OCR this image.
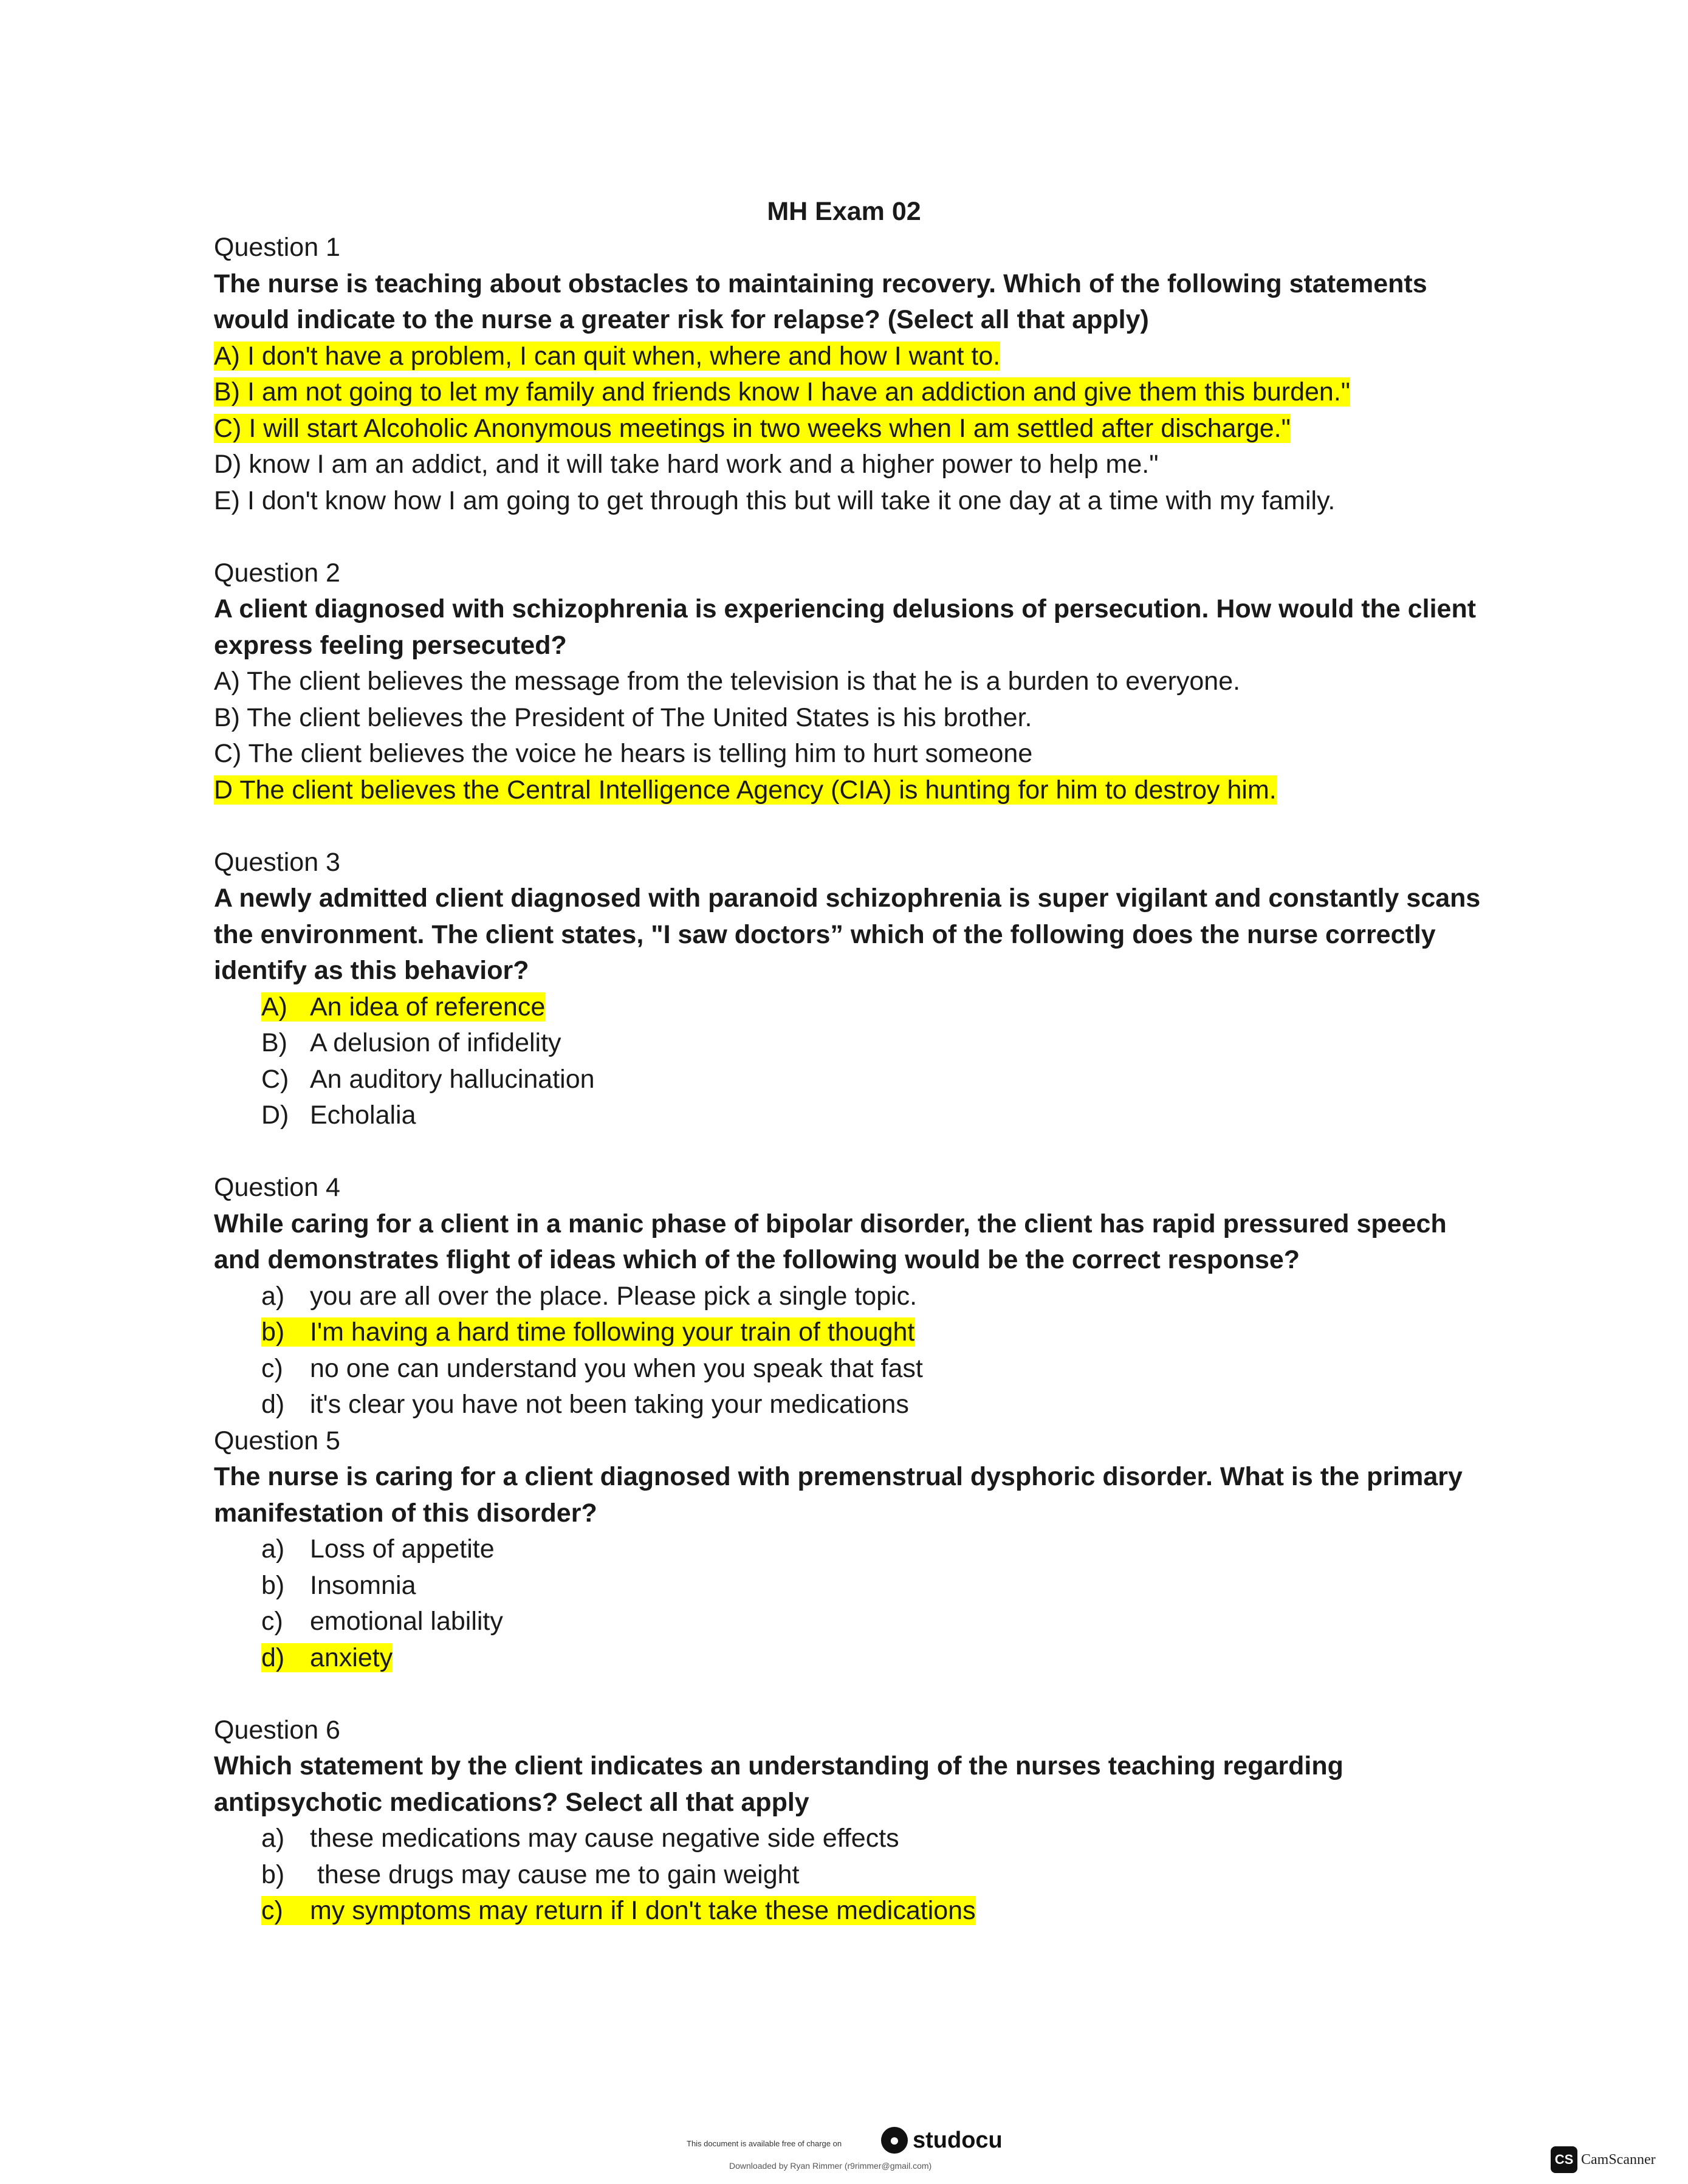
MH Exam 02
Question 1
The nurse is teaching about obstacles to maintaining recovery. Which of the following statements would indicate to the nurse a greater risk for relapse? (Select all that apply)
A) I don't have a problem, I can quit when, where and how I want to.
B) I am not going to let my family and friends know I have an addiction and give them this burden."
C) I will start Alcoholic Anonymous meetings in two weeks when I am settled after discharge."
D) know I am an addict, and it will take hard work and a higher power to help me."
E) I don't know how I am going to get through this but will take it one day at a time with my family.
Question 2
A client diagnosed with schizophrenia is experiencing delusions of persecution. How would the client express feeling persecuted?
A) The client believes the message from the television is that he is a burden to everyone.
B) The client believes the President of The United States is his brother.
C) The client believes the voice he hears is telling him to hurt someone
D The client believes the Central Intelligence Agency (CIA) is hunting for him to destroy him.
Question 3
A newly admitted client diagnosed with paranoid schizophrenia is super vigilant and constantly scans the environment. The client states, "I saw doctors” which of the following does the nurse correctly identify as this behavior?
A) An idea of reference
B) A delusion of infidelity
C) An auditory hallucination
D) Echolalia
Question 4
While caring for a client in a manic phase of bipolar disorder, the client has rapid pressured speech and demonstrates flight of ideas which of the following would be the correct response?
a) you are all over the place. Please pick a single topic.
b) I'm having a hard time following your train of thought
c) no one can understand you when you speak that fast
d) it's clear you have not been taking your medications
Question 5
The nurse is caring for a client diagnosed with premenstrual dysphoric disorder. What is the primary manifestation of this disorder?
a) Loss of appetite
b) Insomnia
c) emotional lability
d) anxiety
Question 6
Which statement by the client indicates an understanding of the nurses teaching regarding antipsychotic medications? Select all that apply
a) these medications may cause negative side effects
b) these drugs may cause me to gain weight
c) my symptoms may return if I don't take these medications
This document is available free of charge on	● studocu
Downloaded by Ryan Rimmer (r9rimmer@gmail.com)	CS CamScanner
